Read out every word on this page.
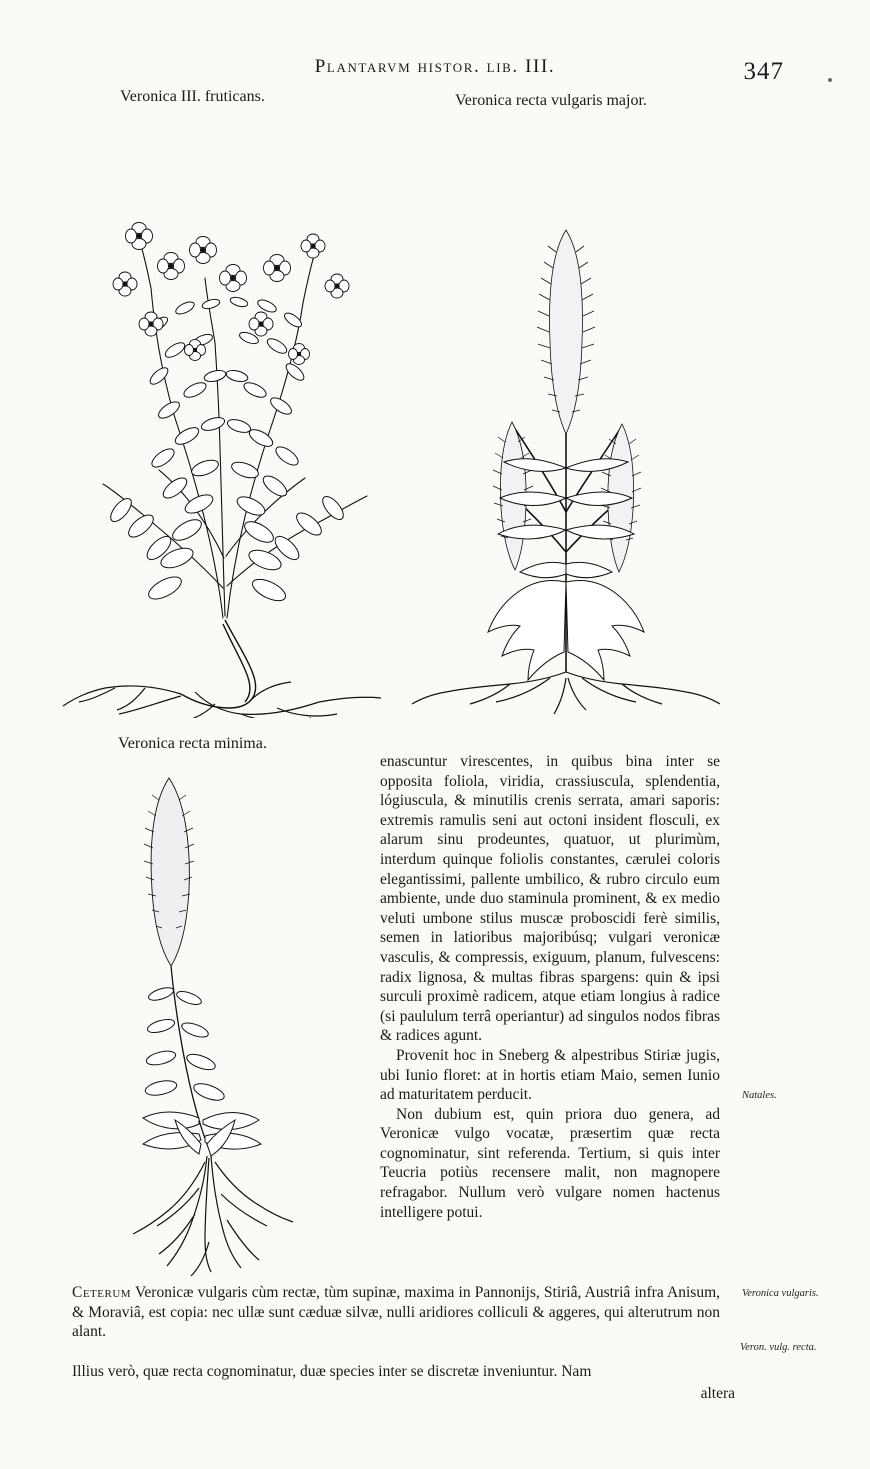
Plantarvm histor. lib. III.	347
Veronica III. fruticans.	Veronica recta vulgaris major.
Veronica recta minima.

enascuntur virescentes, in quibus bina inter se opposita foliola, viridia, crassiuscula, splendentia, lógiuscula, & minutilis crenis serrata, amari saporis: extremis ramulis seni aut octoni insident flosculi, ex alarum sinu prodeuntes, quatuor, ut plurimùm, interdum quinque foliolis constantes, cærulei coloris elegantissimi, pallente umbilico, & rubro circulo eum ambiente, unde duo staminula prominent, & ex medio veluti umbone stilus muscæ proboscidi ferè similis, semen in latioribus majoribúsq; vulgari veronicæ vasculis, & compressis, exiguum, planum, fulvescens: radix lignosa, & multas fibras spargens: quin & ipsi surculi proximè radicem, atque etiam longius à radice (si paululum terrâ operiantur) ad singulos nodos fibras & radices agunt.

Provenit hoc in Sneberg & alpestribus Stiriæ jugis, ubi Iunio floret: at in hortis etiam Maio, semen Iunio ad maturitatem perducit.

Non dubium est, quin priora duo genera, ad Veronicæ vulgo vocatæ, præsertim quæ recta cognominatur, sint referenda. Tertium, si quis inter Teucria potiùs recensere malit, non magnopere refragabor. Nullum verò vulgare nomen hactenus intelligere potui.

Natales.
Veronica vulgaris.
Veron. vulg. recta.
Ceterum Veronicæ vulgaris cùm rectæ, tùm supinæ, maxima in Pannonijs, Stiriâ, Austriâ infra Anisum, & Moraviâ, est copia: nec ullæ sunt cæduæ silvæ, nulli aridiores colliculi & aggeres, qui alterutrum non alant.
Illius verò, quæ recta cognominatur, duæ species inter se discretæ inveniuntur. Nam
altera
